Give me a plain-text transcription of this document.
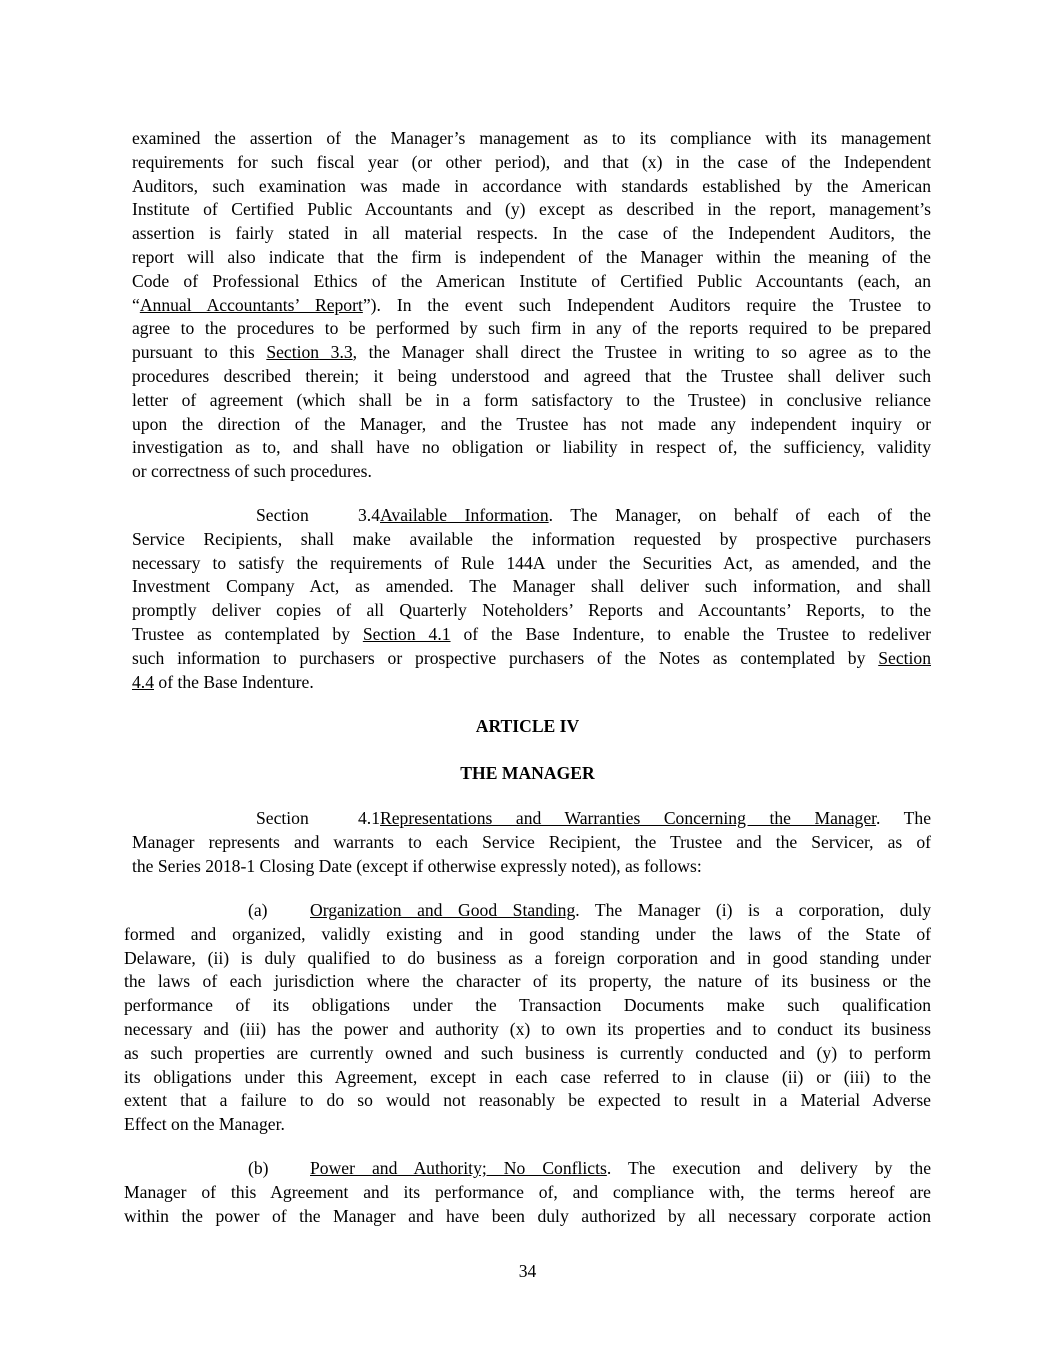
examined the assertion of the Manager’s management as to its compliance with its management
requirements for such fiscal year (or other period), and that (x) in the case of the Independent
Auditors, such examination was made in accordance with standards established by the American
Institute of Certified Public Accountants and (y) except as described in the report, management’s
assertion is fairly stated in all material respects. In the case of the Independent Auditors, the
report will also indicate that the firm is independent of the Manager within the meaning of the
Code of Professional Ethics of the American Institute of Certified Public Accountants (each, an
“Annual Accountants’ Report”). In the event such Independent Auditors require the Trustee to
agree to the procedures to be performed by such firm in any of the reports required to be prepared
pursuant to this Section 3.3, the Manager shall direct the Trustee in writing to so agree as to the
procedures described therein; it being understood and agreed that the Trustee shall deliver such
letter of agreement (which shall be in a form satisfactory to the Trustee) in conclusive reliance
upon the direction of the Manager, and the Trustee has not made any independent inquiry or
investigation as to, and shall have no obligation or liability in respect of, the sufficiency, validity
or correctness of such procedures.
Section 3.4Available Information. The Manager, on behalf of each of the
Service Recipients, shall make available the information requested by prospective purchasers
necessary to satisfy the requirements of Rule 144A under the Securities Act, as amended, and the
Investment Company Act, as amended. The Manager shall deliver such information, and shall
promptly deliver copies of all Quarterly Noteholders’ Reports and Accountants’ Reports, to the
Trustee as contemplated by Section 4.1 of the Base Indenture, to enable the Trustee to redeliver
such information to purchasers or prospective purchasers of the Notes as contemplated by Section
4.4 of the Base Indenture.
ARTICLE IV
THE MANAGER
Section 4.1Representations and Warranties Concerning the Manager. The
Manager represents and warrants to each Service Recipient, the Trustee and the Servicer, as of
the Series 2018-1 Closing Date (except if otherwise expressly noted), as follows:
(a) Organization and Good Standing. The Manager (i) is a corporation, duly
formed and organized, validly existing and in good standing under the laws of the State of
Delaware, (ii) is duly qualified to do business as a foreign corporation and in good standing under
the laws of each jurisdiction where the character of its property, the nature of its business or the
performance of its obligations under the Transaction Documents make such qualification
necessary and (iii) has the power and authority (x) to own its properties and to conduct its business
as such properties are currently owned and such business is currently conducted and (y) to perform
its obligations under this Agreement, except in each case referred to in clause (ii) or (iii) to the
extent that a failure to do so would not reasonably be expected to result in a Material Adverse
Effect on the Manager.
(b) Power and Authority; No Conflicts. The execution and delivery by the
Manager of this Agreement and its performance of, and compliance with, the terms hereof are
within the power of the Manager and have been duly authorized by all necessary corporate action
34
